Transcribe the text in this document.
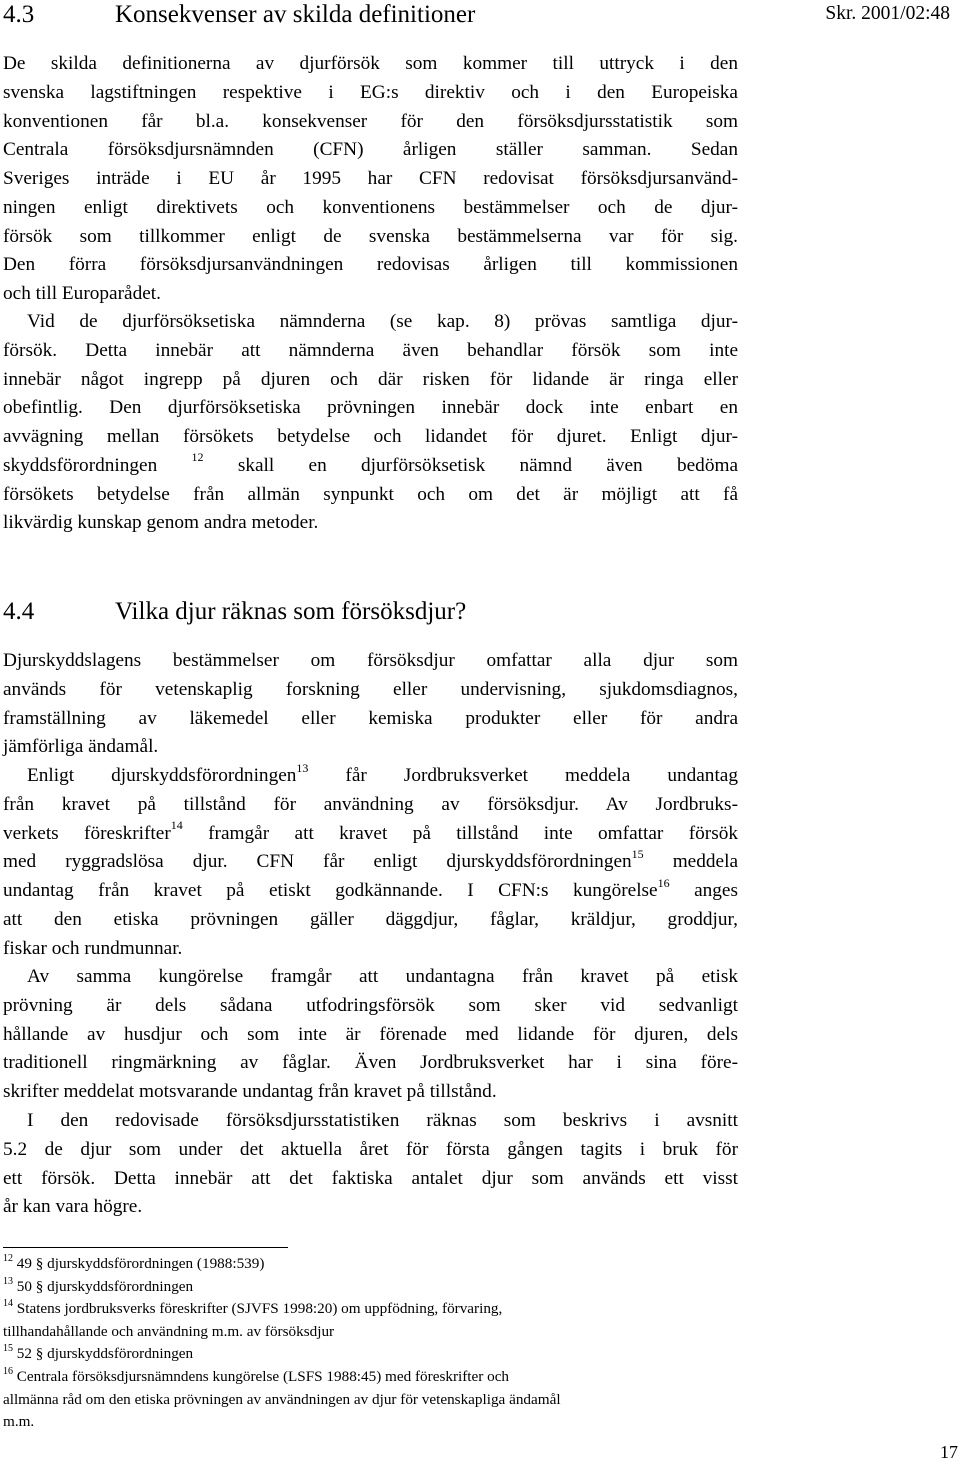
4.3	Konsekvenser av skilda definitioner	Skr. 2001/02:48
De skilda definitionerna av djurförsök som kommer till uttryck i den
svenska lagstiftningen respektive i EG:s direktiv och i den Europeiska
konventionen får bl.a. konsekvenser för den försöksdjursstatistik som
Centrala försöksdjursnämnden (CFN) årligen ställer samman. Sedan
Sveriges inträde i EU år 1995 har CFN redovisat försöksdjursanvänd-
ningen enligt direktivets och konventionens bestämmelser och de djur-
försök som tillkommer enligt de svenska bestämmelserna var för sig.
Den förra försöksdjursanvändningen redovisas årligen till kommissionen
och till Europarådet.
Vid de djurförsöksetiska nämnderna (se kap. 8) prövas samtliga djur-
försök. Detta innebär att nämnderna även behandlar försök som inte
innebär något ingrepp på djuren och där risken för lidande är ringa eller
obefintlig. Den djurförsöksetiska prövningen innebär dock inte enbart en
avvägning mellan försökets betydelse och lidandet för djuret. Enligt djur-
skyddsförordningen	$^{12}$ skall en djurförsöksetisk nämnd även bedöma
försökets betydelse från allmän synpunkt och om det är möjligt att få
likvärdig kunskap genom andra metoder.
4.4	Vilka djur räknas som försöksdjur?
Djurskyddslagens bestämmelser om försöksdjur omfattar alla djur som
används för vetenskaplig forskning eller undervisning, sjukdomsdiagnos,
framställning av läkemedel eller kemiska produkter eller för andra
jämförliga ändamål.
Enligt djurskyddsförordningen$^{13}$ får Jordbruksverket meddela undantag
från kravet på tillstånd för användning av försöksdjur. Av Jordbruks-
verkets föreskrifter$^{14}$ framgår att kravet på tillstånd inte omfattar försök
med ryggradslösa djur. CFN får enligt djurskyddsförordningen$^{15}$ meddela
undantag från kravet på etiskt godkännande. I CFN:s kungörelse$^{16}$ anges
att den etiska prövningen gäller däggdjur, fåglar, kräldjur, groddjur,
fiskar och rundmunnar.
Av samma kungörelse framgår att undantagna från kravet på etisk
prövning är dels sådana utfodringsförsök som sker vid sedvanligt
hållande av husdjur och som inte är förenade med lidande för djuren, dels
traditionell ringmärkning av fåglar. Även Jordbruksverket har i sina före-
skrifter meddelat motsvarande undantag från kravet på tillstånd.
I den redovisade försöksdjursstatistiken räknas som beskrivs i avsnitt
5.2 de djur som under det aktuella året för första gången tagits i bruk för
ett försök. Detta innebär att det faktiska antalet djur som används ett visst
år kan vara högre.
$^{12}$ 49 § djurskyddsförordningen (1988:539)
$^{13}$ 50 § djurskyddsförordningen
$^{14}$ Statens jordbruksverks föreskrifter (SJVFS 1998:20) om uppfödning, förvaring,
tillhandahållande och användning m.m. av försöksdjur
$^{15}$ 52 § djurskyddsförordningen
$^{16}$ Centrala försöksdjursnämndens kungörelse (LSFS 1988:45) med föreskrifter och
allmänna råd om den etiska prövningen av användningen av djur för vetenskapliga ändamål
m.m.
17
